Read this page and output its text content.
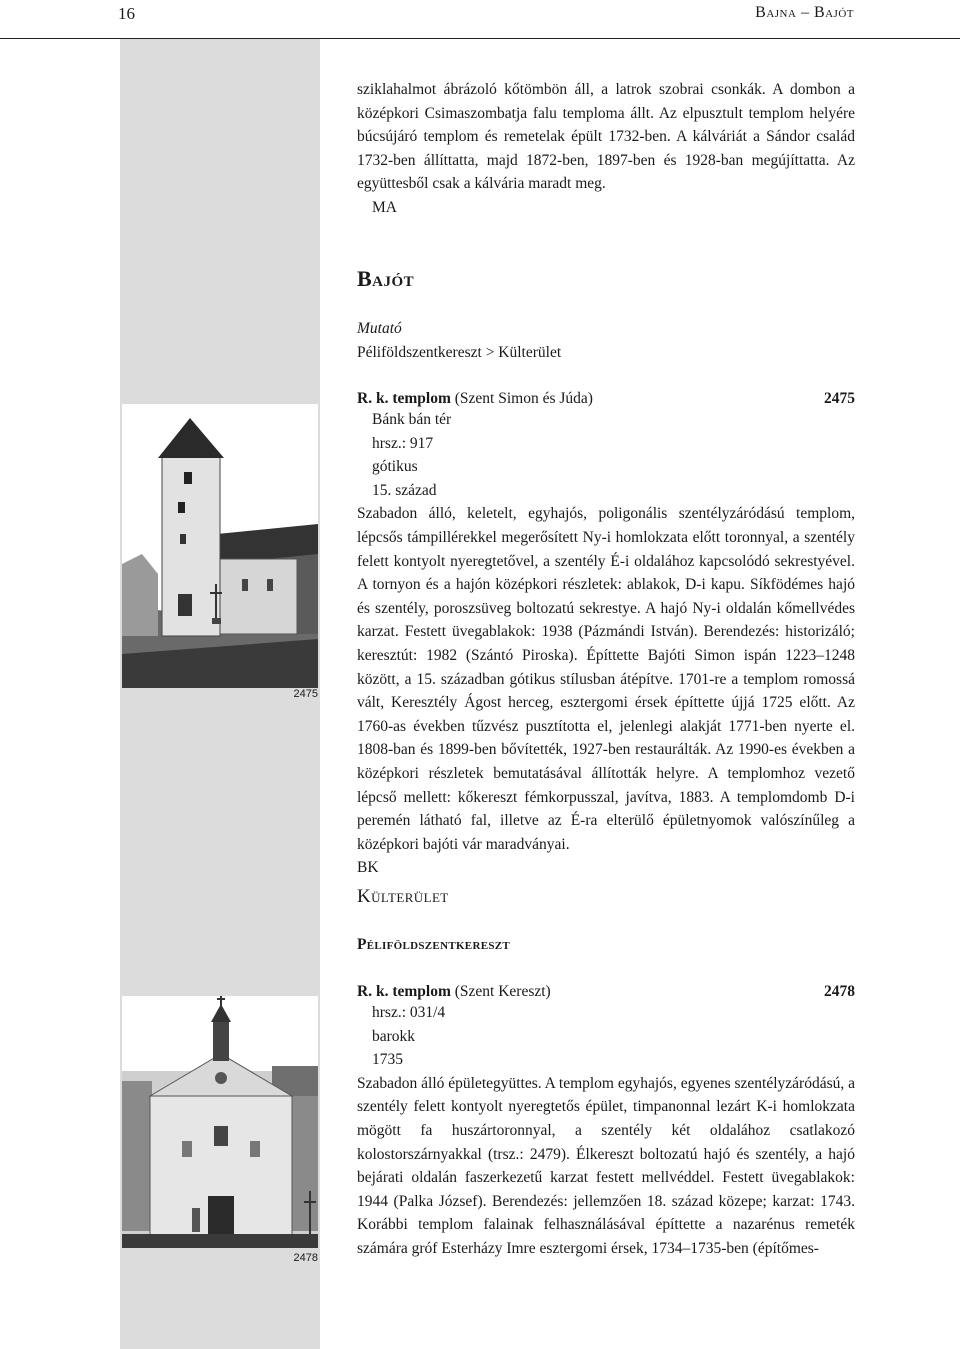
16	Bajna – Bajót
2475
2478

sziklahalmot ábrázoló kőtömbön áll, a latrok szobrai csonkák. A dombon a középkori Csimaszombatja falu temploma állt. Az elpusztult templom helyére búcsújáró templom és remetelak épült 1732-ben. A kálváriát a Sándor család 1732-ben állíttatta, majd 1872-ben, 1897-ben és 1928-ban megújíttatta. Az együttesből csak a kálvária maradt meg.

MA
Bajót
Mutató
Péliföldszentkereszt > Külterület
R. k. templom (Szent Simon és Júda)	2475
Bánk bán tér
hrsz.: 917
gótikus
15. század

Szabadon álló, keletelt, egyhajós, poligonális szentélyzáródású templom, lépcsős támpillérekkel megerősített Ny-i homlokzata előtt toronnyal, a szentély felett kontyolt nyeregtetővel, a szentély É-i oldalához kapcsolódó sekrestyével. A tornyon és a hajón középkori részletek: ablakok, D-i kapu. Síkfödémes hajó és szentély, poroszsüveg boltozatú sekrestye. A hajó Ny-i oldalán kőmellvédes karzat. Festett üvegablakok: 1938 (Pázmándi István). Berendezés: historizáló; keresztút: 1982 (Szántó Piroska). Építtette Bajóti Simon ispán 1223–1248 között, a 15. században gótikus stílusban átépítve. 1701-re a templom romossá vált, Keresztély Ágost herceg, esztergomi érsek építtette újjá 1725 előtt. Az 1760-as években tűzvész pusztította el, jelenlegi alakját 1771-ben nyerte el. 1808-ban és 1899-ben bővítették, 1927-ben restaurálták. Az 1990-es években a középkori részletek bemutatásával állították helyre. A templomhoz vezető lépcső mellett: kőkereszt fémkorpusszal, javítva, 1883. A templomdomb D-i peremén látható fal, illetve az É-ra elterülő épületnyomok valószínűleg a középkori bajóti vár maradványai.

BK
Külterület
Péliföldszentkereszt
R. k. templom (Szent Kereszt)	2478
hrsz.: 031/4
barokk
1735

Szabadon álló épületegyüttes. A templom egyhajós, egyenes szentélyzáródású, a szentély felett kontyolt nyeregtetős épület, timpanonnal lezárt K-i homlokzata mögött fa huszártoronnyal, a szentély két oldalához csatlakozó kolostorszárnyakkal (trsz.: 2479). Élkereszt boltozatú hajó és szentély, a hajó bejárati oldalán faszerkezetű karzat festett mellvéddel. Festett üvegablakok: 1944 (Palka József). Berendezés: jellemzően 18. század közepe; karzat: 1743. Korábbi templom falainak felhasználásával építtette a nazarénus remeték számára gróf Esterházy Imre esztergomi érsek, 1734–1735-ben (építőmes-
